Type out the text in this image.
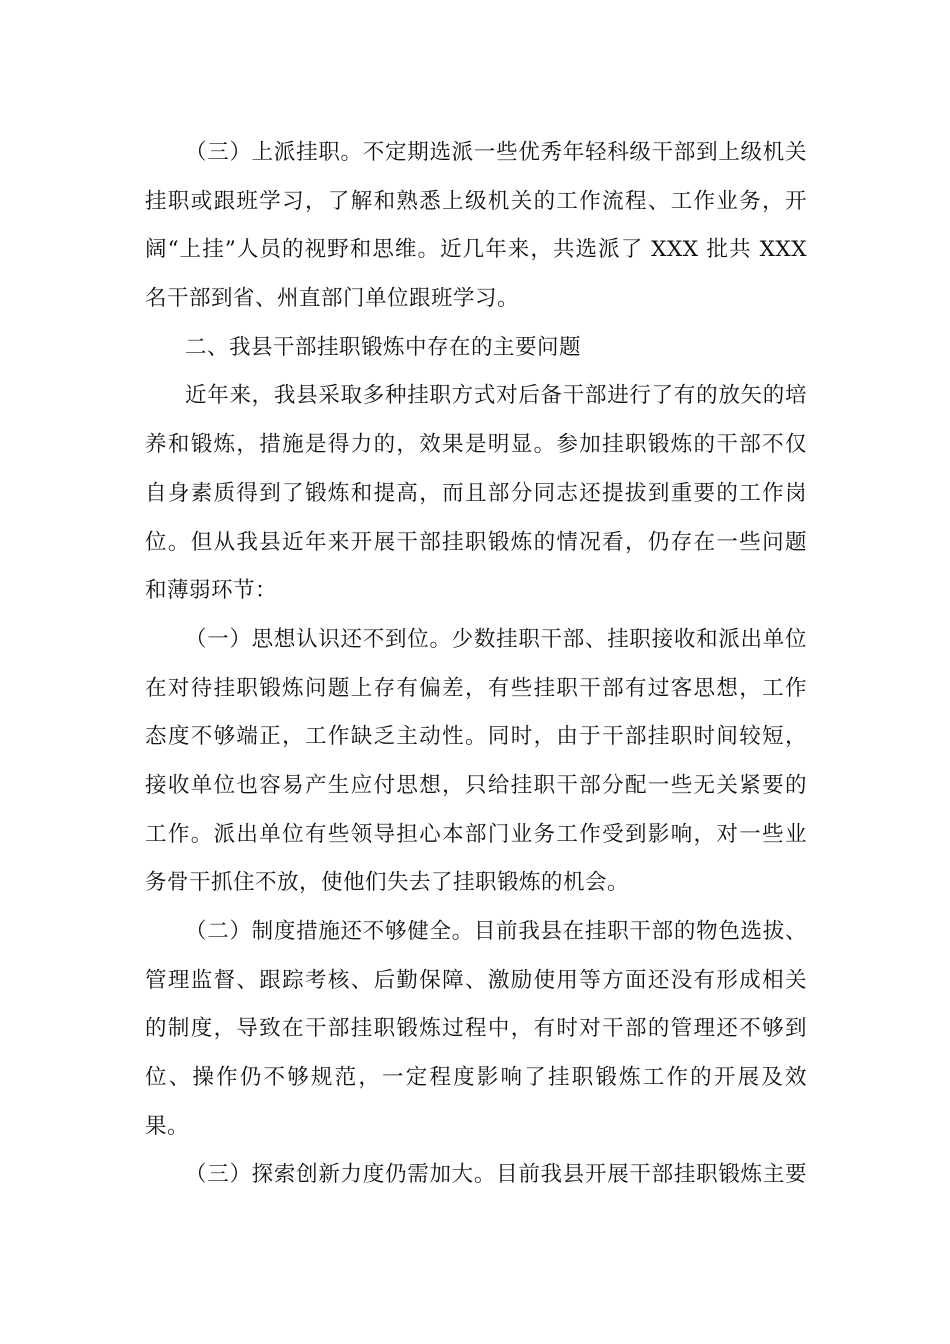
（三）上派挂职。不定期选派一些优秀年轻科级干部到上级机关
挂职或跟班学习，了解和熟悉上级机关的工作流程、工作业务，开
阔“上挂”人员的视野和思维。近几年来，共选派了 XXX 批共 XXX
名干部到省、州直部门单位跟班学习。
二、我县干部挂职锻炼中存在的主要问题
近年来，我县采取多种挂职方式对后备干部进行了有的放矢的培
养和锻炼，措施是得力的，效果是明显。参加挂职锻炼的干部不仅
自身素质得到了锻炼和提高，而且部分同志还提拔到重要的工作岗
位。但从我县近年来开展干部挂职锻炼的情况看，仍存在一些问题
和薄弱环节：
（一）思想认识还不到位。少数挂职干部、挂职接收和派出单位
在对待挂职锻炼问题上存有偏差，有些挂职干部有过客思想，工作
态度不够端正，工作缺乏主动性。同时，由于干部挂职时间较短，
接收单位也容易产生应付思想，只给挂职干部分配一些无关紧要的
工作。派出单位有些领导担心本部门业务工作受到影响，对一些业
务骨干抓住不放，使他们失去了挂职锻炼的机会。
（二）制度措施还不够健全。目前我县在挂职干部的物色选拔、
管理监督、跟踪考核、后勤保障、激励使用等方面还没有形成相关
的制度，导致在干部挂职锻炼过程中，有时对干部的管理还不够到
位、操作仍不够规范，一定程度影响了挂职锻炼工作的开展及效
果。
（三）探索创新力度仍需加大。目前我县开展干部挂职锻炼主要
